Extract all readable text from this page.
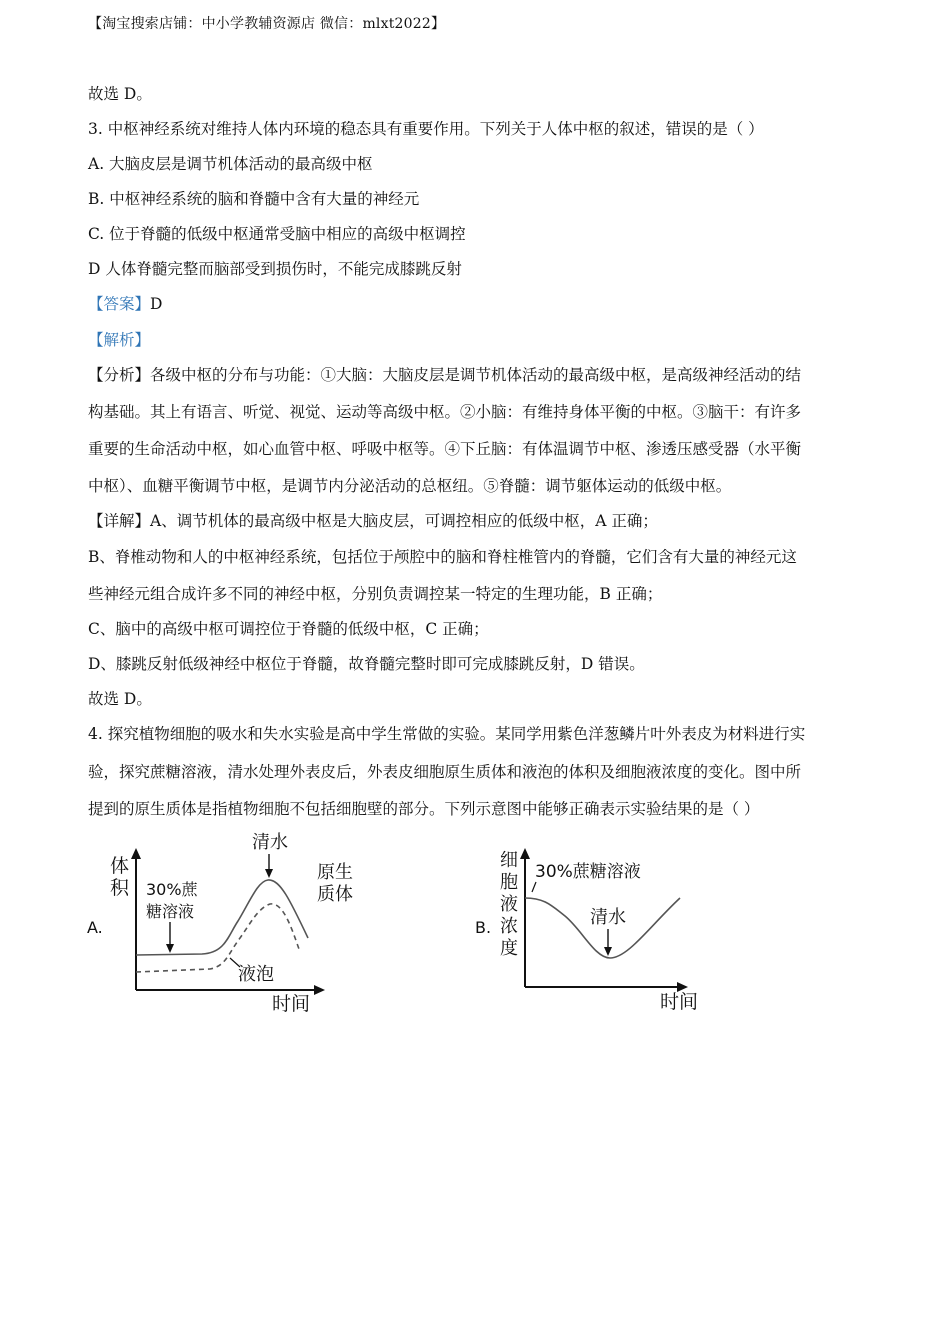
【淘宝搜索店铺：中小学教辅资源店 微信：mlxt2022】
故选 D。
3. 中枢神经系统对维持人体内环境的稳态具有重要作用。下列关于人体中枢的叙述，错误的是（ ）
A. 大脑皮层是调节机体活动的最高级中枢
B. 中枢神经系统的脑和脊髓中含有大量的神经元
C. 位于脊髓的低级中枢通常受脑中相应的高级中枢调控
D 人体脊髓完整而脑部受到损伤时，不能完成膝跳反射
【答案】D
【解析】
【分析】各级中枢的分布与功能：①大脑：大脑皮层是调节机体活动的最高级中枢，是高级神经活动的结
构基础。其上有语言、听觉、视觉、运动等高级中枢。②小脑：有维持身体平衡的中枢。③脑干：有许多
重要的生命活动中枢，如心血管中枢、呼吸中枢等。④下丘脑：有体温调节中枢、渗透压感受器（水平衡
中枢）、血糖平衡调节中枢，是调节内分泌活动的总枢纽。⑤脊髓：调节躯体运动的低级中枢。
【详解】A、调节机体的最高级中枢是大脑皮层，可调控相应的低级中枢，A 正确；
B、脊椎动物和人的中枢神经系统，包括位于颅腔中的脑和脊柱椎管内的脊髓，它们含有大量的神经元这
些神经元组合成许多不同的神经中枢，分别负责调控某一特定的生理功能，B 正确；
C、脑中的高级中枢可调控位于脊髓的低级中枢，C 正确；
D、膝跳反射低级神经中枢位于脊髓，故脊髓完整时即可完成膝跳反射，D 错误。
故选 D。
4. 探究植物细胞的吸水和失水实验是高中学生常做的实验。某同学用紫色洋葱鳞片叶外表皮为材料进行实
验，探究蔗糖溶液，清水处理外表皮后，外表皮细胞原生质体和液泡的体积及细胞液浓度的变化。图中所
提到的原生质体是指植物细胞不包括细胞壁的部分。下列示意图中能够正确表示实验结果的是（ ）
A.
体
积
时间
30%蔗
糖溶液
清水
原生
质体
液泡
B.
细
胞
液
浓
度
时间
30%蔗糖溶液
清水
